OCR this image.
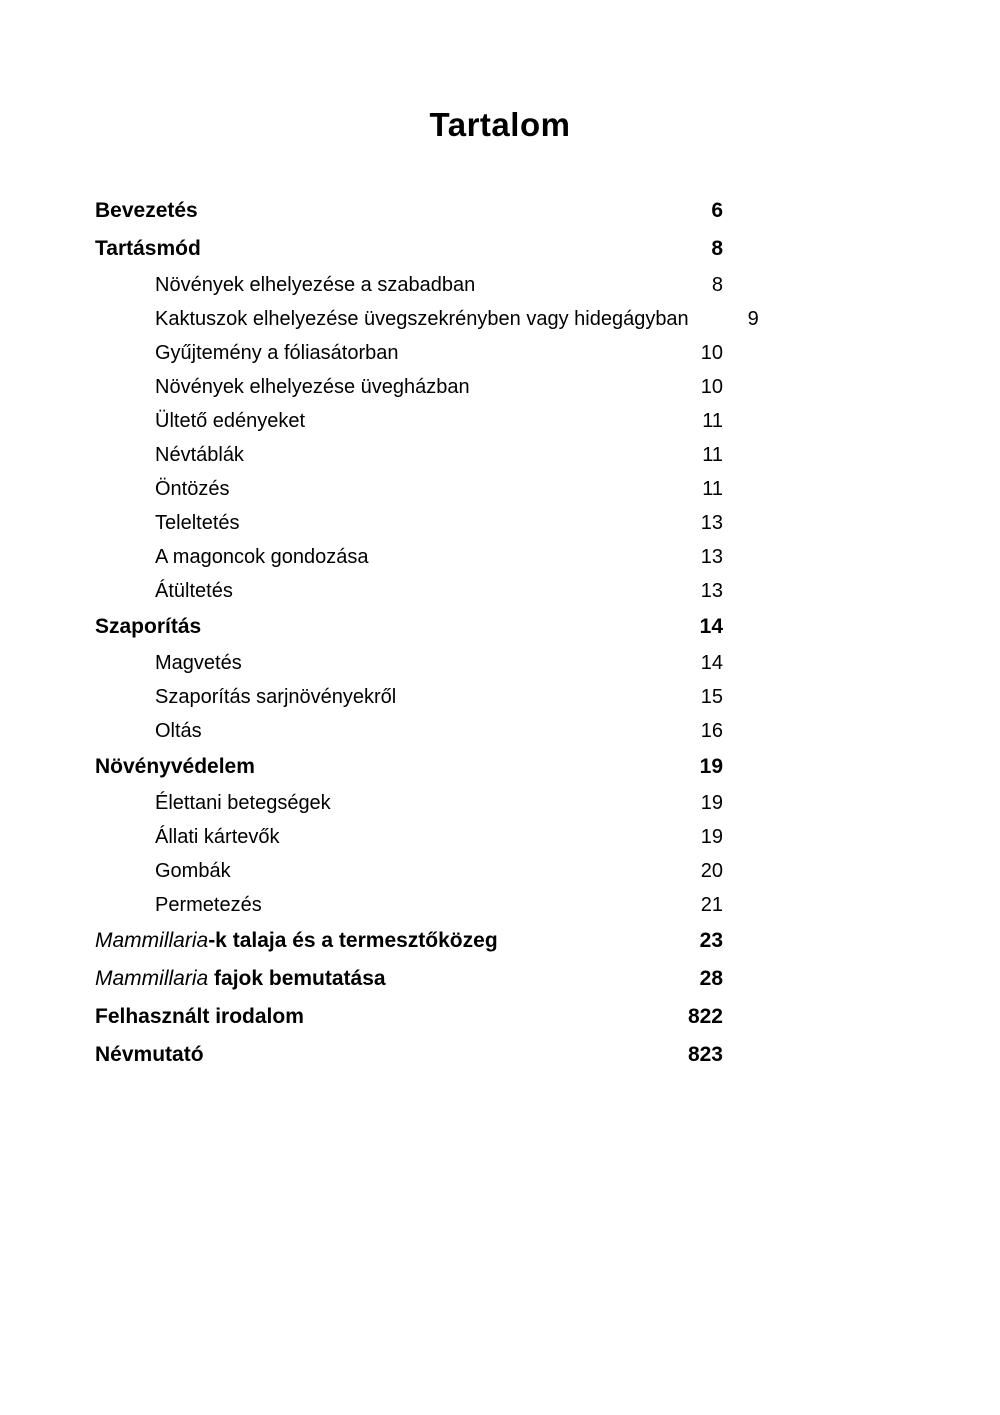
Tartalom
Bevezetés	6
Tartásmód	8
Növények elhelyezése a szabadban	8
Kaktuszok elhelyezése üvegszekrényben vagy hidegágyban	9
Gyűjtemény a fóliasátorban	10
Növények elhelyezése üvegházban	10
Ültető edényeket	11
Névtáblák	11
Öntözés	11
Teleltetés	13
A magoncok gondozása	13
Átültetés	13
Szaporítás	14
Magvetés	14
Szaporítás sarjnövényekről	15
Oltás	16
Növényvédelem	19
Élettani betegségek	19
Állati kártevők	19
Gombák	20
Permetezés	21
Mammillaria-k talaja és a termesztőközeg	23
Mammillaria fajok bemutatása	28
Felhasznált irodalom	822
Névmutató	823
